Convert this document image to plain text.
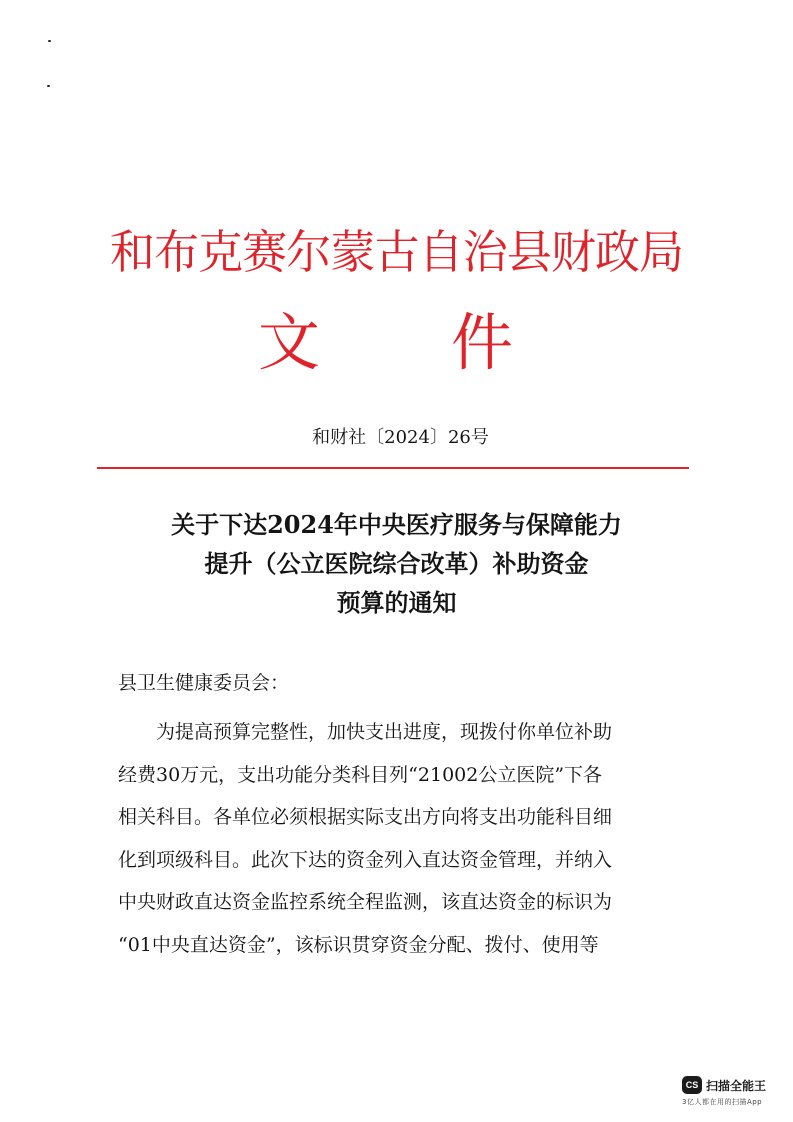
和布克赛尔蒙古自治县财政局
文 件
和财社〔2024〕26号
关于下达2024年中央医疗服务与保障能力
提升（公立医院综合改革）补助资金
预算的通知
县卫生健康委员会：
　　为提高预算完整性，加快支出进度，现拨付你单位补助
经费30万元，支出功能分类科目列“21002公立医院”下各
相关科目。各单位必须根据实际支出方向将支出功能科目细
化到项级科目。此次下达的资金列入直达资金管理，并纳入
中央财政直达资金监控系统全程监测，该直达资金的标识为
“01中央直达资金”，该标识贯穿资金分配、拨付、使用等
CS 扫描全能王
3亿人都在用的扫描App
